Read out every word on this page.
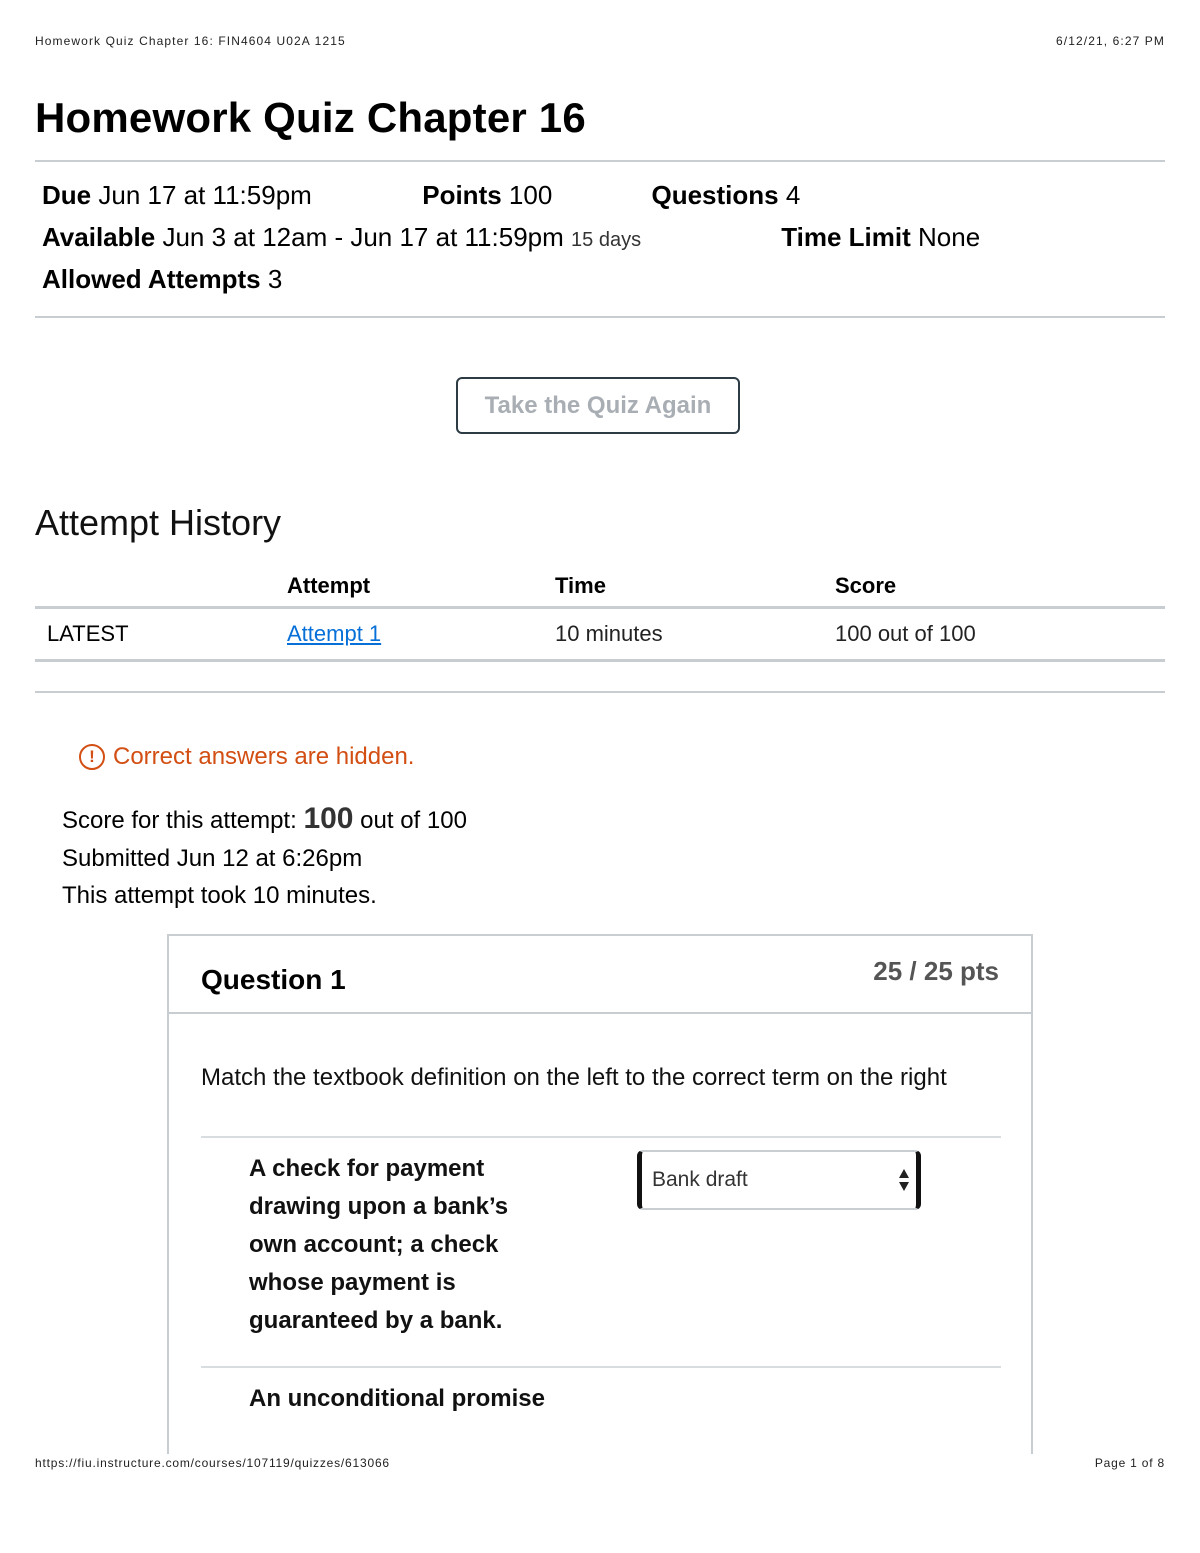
Homework Quiz Chapter 16: FIN4604 U02A 1215	6/12/21, 6:27 PM
Homework Quiz Chapter 16
Due Jun 17 at 11:59pm	Points 100	Questions 4
Available Jun 3 at 12am - Jun 17 at 11:59pm 15 days	Time Limit None
Allowed Attempts 3
Take the Quiz Again
Attempt History
	Attempt	Time	Score
LATEST	Attempt 1	10 minutes	100 out of 100
! Correct answers are hidden.
Score for this attempt: 100 out of 100
Submitted Jun 12 at 6:26pm
This attempt took 10 minutes.
Question 1	25 / 25 pts
Match the textbook definition on the left to the correct term on the right
A check for payment
drawing upon a bank’s
own account; a check
whose payment is
guaranteed by a bank.
Bank draft
An unconditional promise
https://fiu.instructure.com/courses/107119/quizzes/613066	Page 1 of 8
